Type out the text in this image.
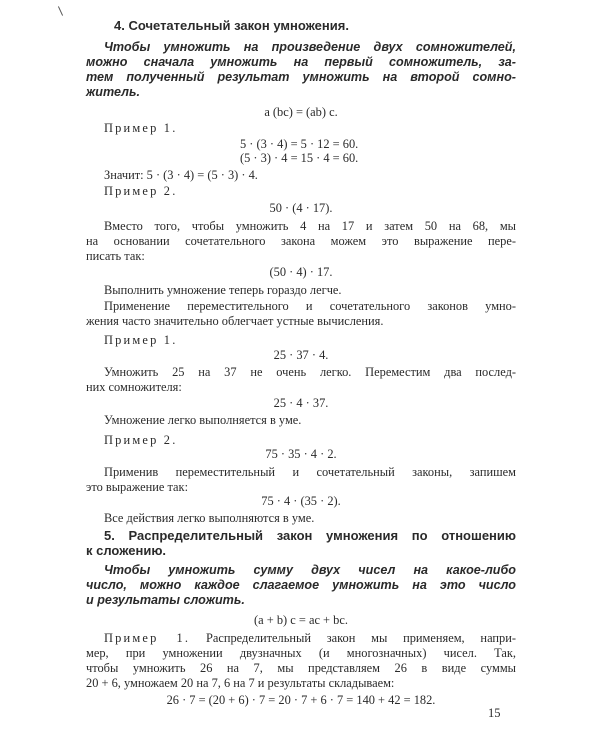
4. Сочетательный закон умножения.
Чтобы умножить на произведение двух сомножителей,
можно сначала умножить на первый сомножитель, за-
тем полученный результат умножить на второй сомно-
житель.
a (bc) = (ab) c.
Пример 1.
5 · (3 · 4) = 5 · 12 = 60.
(5 · 3) · 4 = 15 · 4 = 60.
Значит: 5 · (3 · 4) = (5 · 3) · 4.
Пример 2.
50 · (4 · 17).
Вместо того, чтобы умножить 4 на 17 и затем 50 на 68, мы
на основании сочетательного закона можем это выражение пере-
писать так:
(50 · 4) · 17.
Выполнить умножение теперь гораздо легче.
Применение переместительного и сочетательного законов умно-
жения часто значительно облегчает устные вычисления.
Пример 1.
25 · 37 · 4.
Умножить 25 на 37 не очень легко. Переместим два послед-
них сомножителя:
25 · 4 · 37.
Умножение легко выполняется в уме.
Пример 2.
75 · 35 · 4 · 2.
Применив переместительный и сочетательный законы, запишем
это выражение так:
75 · 4 · (35 · 2).
Все действия легко выполняются в уме.
5. Распределительный закон умножения по отношению
к сложению.
Чтобы умножить сумму двух чисел на какое-либо
число, можно каждое слагаемое умножить на это число
и результаты сложить.
(a + b) c = ac + bc.
Пример 1. Распределительный закон мы применяем, напри-
мер, при умножении двузначных (и многозначных) чисел. Так,
чтобы умножить 26 на 7, мы представляем 26 в виде суммы
20 + 6, умножаем 20 на 7, 6 на 7 и результаты складываем:
26 · 7 = (20 + 6) · 7 = 20 · 7 + 6 · 7 = 140 + 42 = 182.
15
